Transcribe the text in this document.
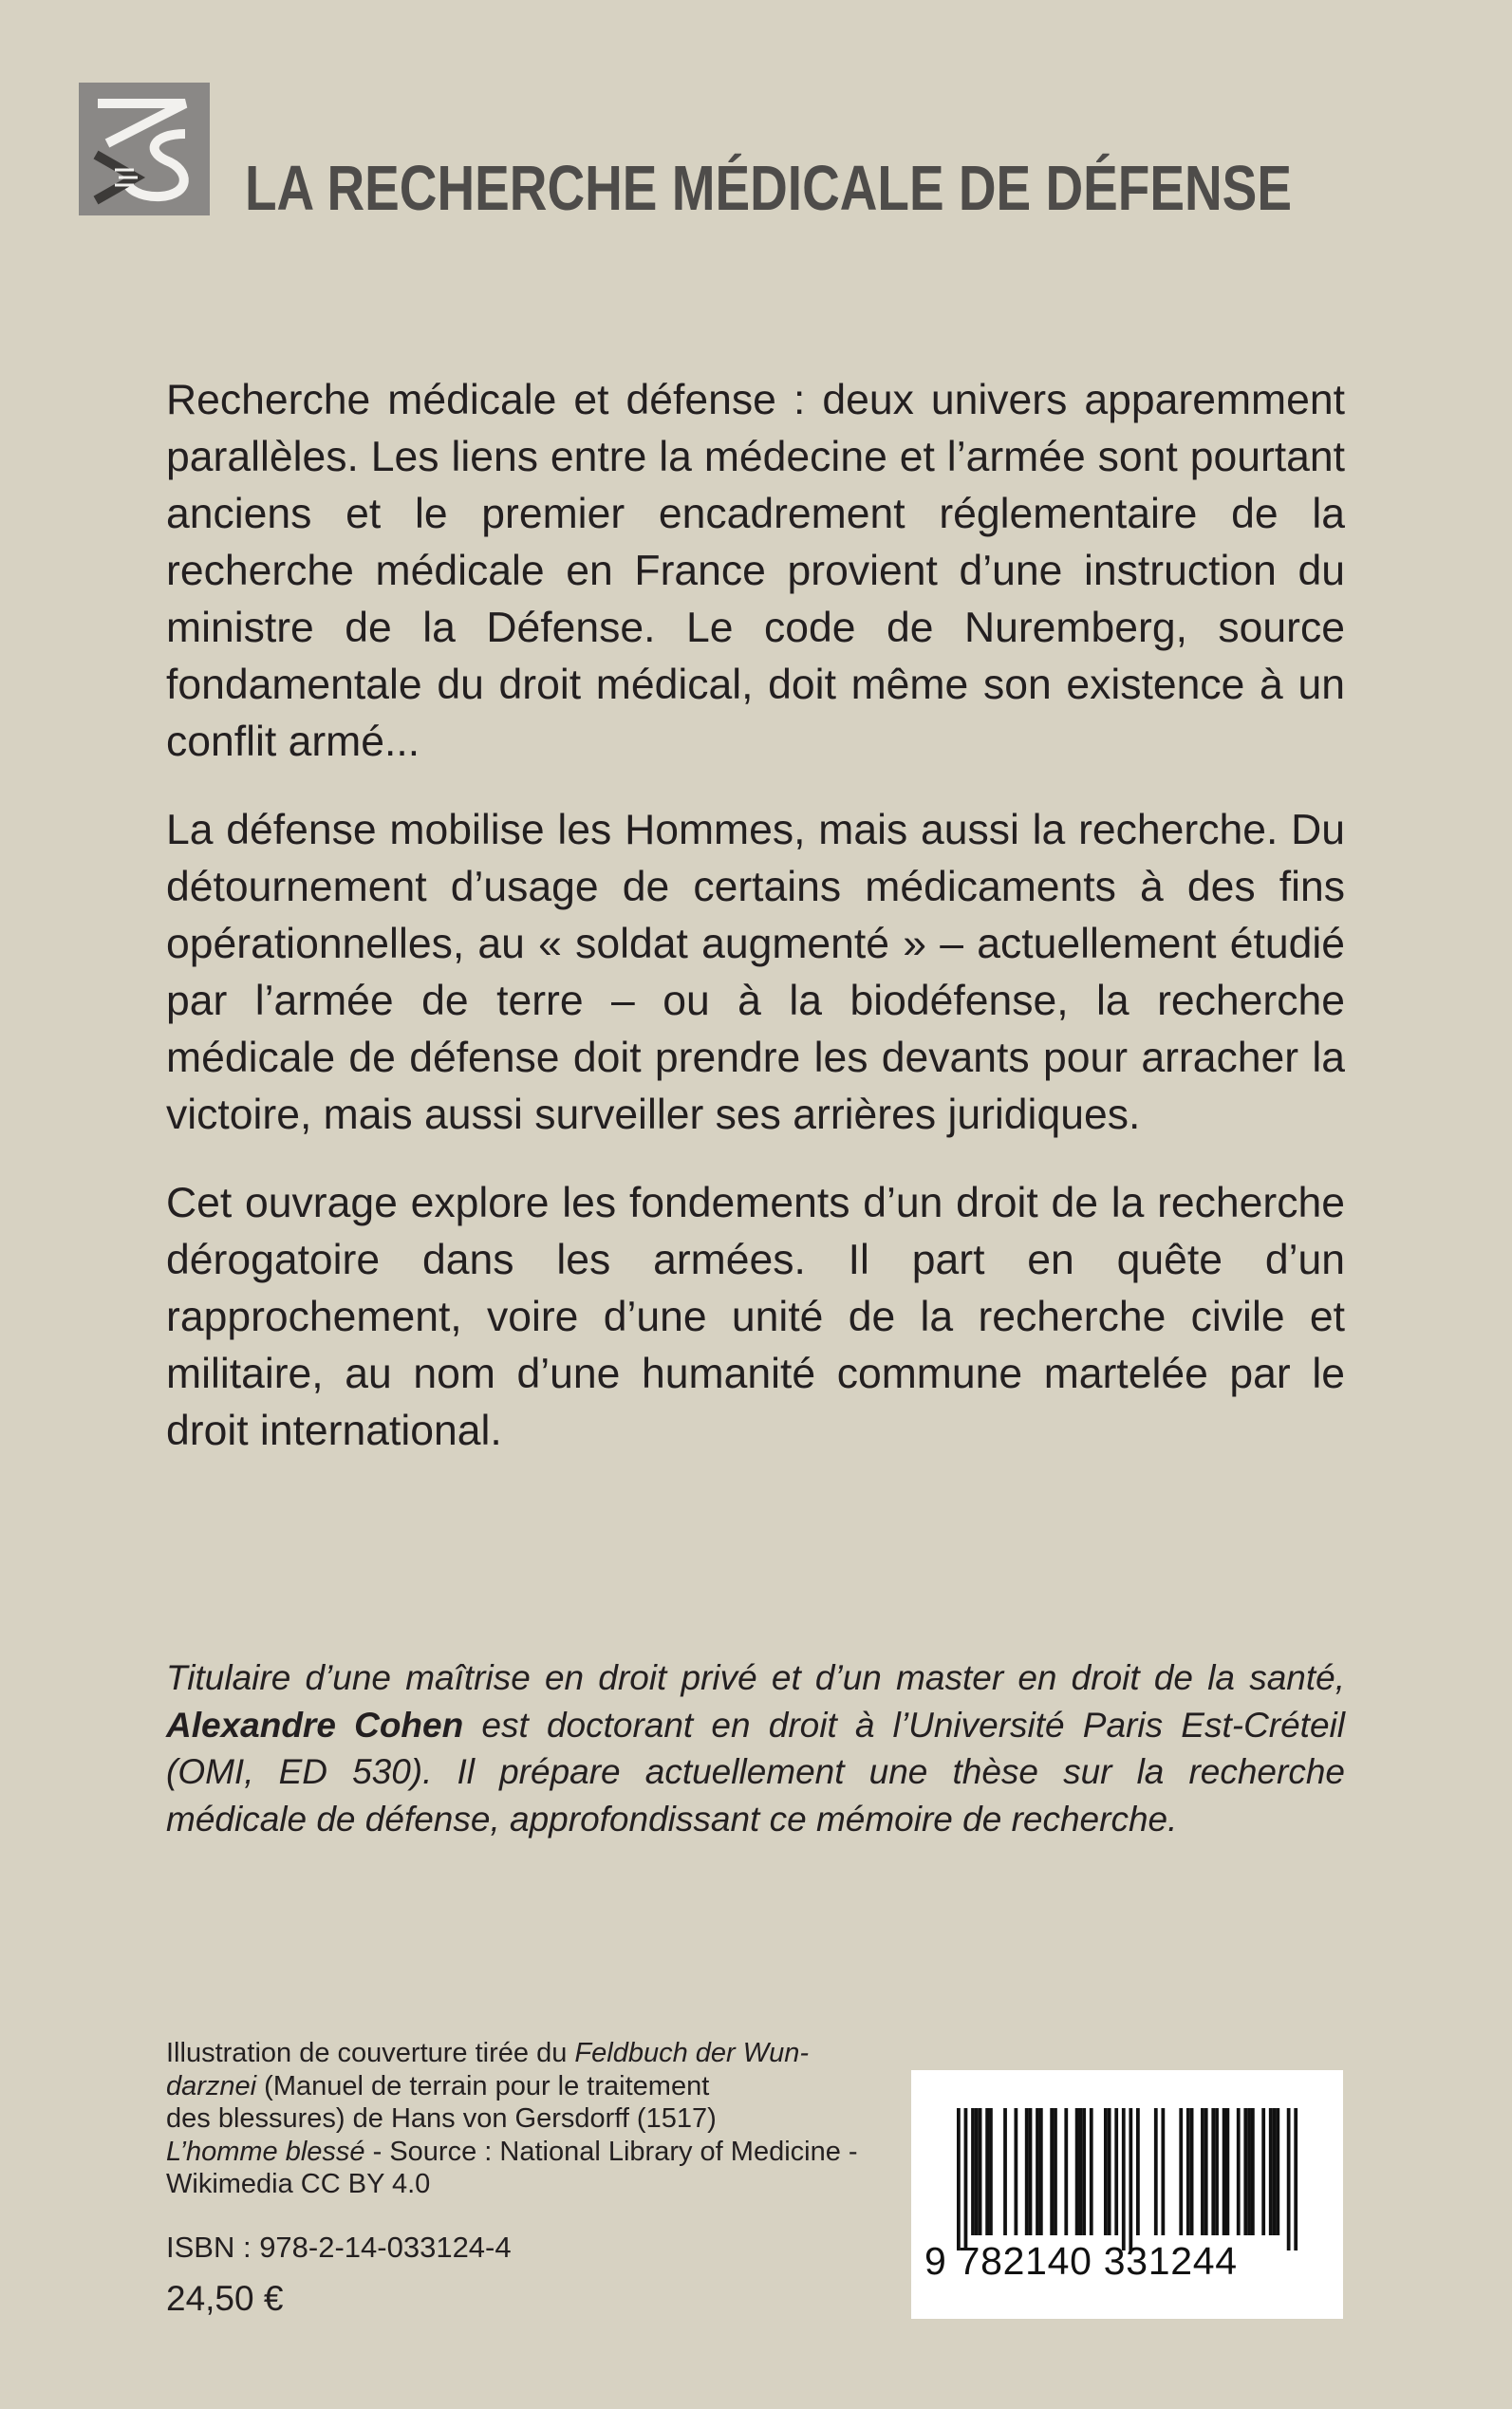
LA RECHERCHE MÉDICALE DE DÉFENSE

Recherche médicale et défense : deux univers apparemment parallèles. Les liens entre la médecine et l’armée sont pourtant anciens et le premier encadrement réglementaire de la recherche médicale en France provient d’une instruction du ministre de la Défense. Le code de Nuremberg, source fondamentale du droit médical, doit même son existence à un conflit armé...

La défense mobilise les Hommes, mais aussi la recherche. Du détournement d’usage de certains médicaments à des fins opérationnelles, au « soldat augmenté » – actuellement étudié par l’armée de terre – ou à la biodéfense, la recherche médicale de défense doit prendre les devants pour arracher la victoire, mais aussi surveiller ses arrières juridiques.

Cet ouvrage explore les fondements d’un droit de la recherche dérogatoire dans les armées. Il part en quête d’un rapprochement, voire d’une unité de la recherche civile et militaire, au nom d’une humanité commune martelée par le droit international.

Titulaire d’une maîtrise en droit privé et d’un master en droit de la santé, Alexandre Cohen est doctorant en droit à l’Université Paris Est-Créteil (OMI, ED 530). Il prépare actuellement une thèse sur la recherche médicale de défense, approfondissant ce mémoire de recherche.

Illustration de couverture tirée du Feldbuch der Wun-
darznei (Manuel de terrain pour le traitement
des blessures) de Hans von Gersdorff (1517)
L’homme blessé - Source : National Library of Medicine -
Wikimedia CC BY 4.0
ISBN : 978-2-14-033124-4
24,50 €
9 782140 331244
